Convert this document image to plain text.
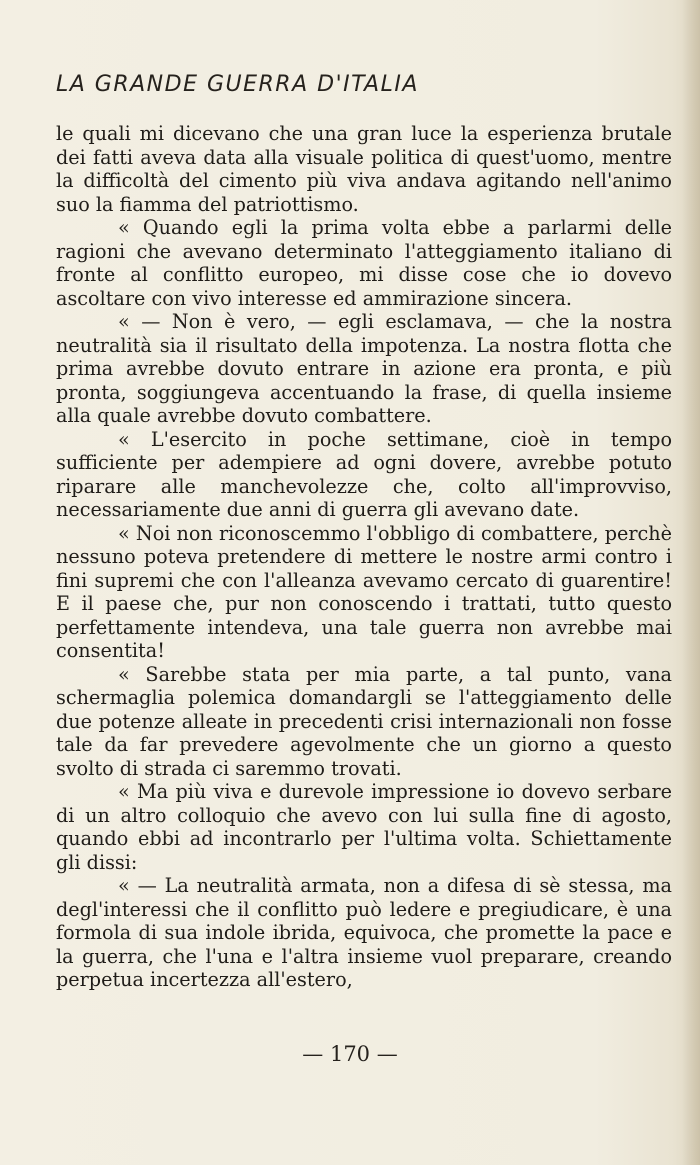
LA GRANDE GUERRA D'ITALIA

le quali mi dicevano che una gran luce la esperienza brutale dei fatti aveva data alla visuale politica di quest'uomo, mentre la difficoltà del cimento più viva andava agitando nell'animo suo la fiamma del patriottismo.

« Quando egli la prima volta ebbe a parlarmi delle ragioni che avevano determinato l'atteggiamento italiano di fronte al conflitto europeo, mi disse cose che io dovevo ascoltare con vivo interesse ed ammirazione sincera.

« — Non è vero, — egli esclamava, — che la nostra neutralità sia il risultato della impotenza. La nostra flotta che prima avrebbe dovuto entrare in azione era pronta, e più pronta, soggiungeva accentuando la frase, di quella insieme alla quale avrebbe dovuto combattere.

« L'esercito in poche settimane, cioè in tempo sufficiente per adempiere ad ogni dovere, avrebbe potuto riparare alle manchevolezze che, colto all'improvviso, necessariamente due anni di guerra gli avevano date.

« Noi non riconoscemmo l'obbligo di combattere, perchè nessuno poteva pretendere di mettere le nostre armi contro i fini supremi che con l'alleanza avevamo cercato di guarentire! E il paese che, pur non conoscendo i trattati, tutto questo perfettamente intendeva, una tale guerra non avrebbe mai consentita!

« Sarebbe stata per mia parte, a tal punto, vana schermaglia polemica domandargli se l'atteggiamento delle due potenze alleate in precedenti crisi internazionali non fosse tale da far prevedere agevolmente che un giorno a questo svolto di strada ci saremmo trovati.

« Ma più viva e durevole impressione io dovevo serbare di un altro colloquio che avevo con lui sulla fine di agosto, quando ebbi ad incontrarlo per l'ultima volta. Schiettamente gli dissi:

« — La neutralità armata, non a difesa di sè stessa, ma degl'interessi che il conflitto può ledere e pregiudicare, è una formola di sua indole ibrida, equivoca, che promette la pace e la guerra, che l'una e l'altra insieme vuol preparare, creando perpetua incertezza all'estero,

— 170 —
